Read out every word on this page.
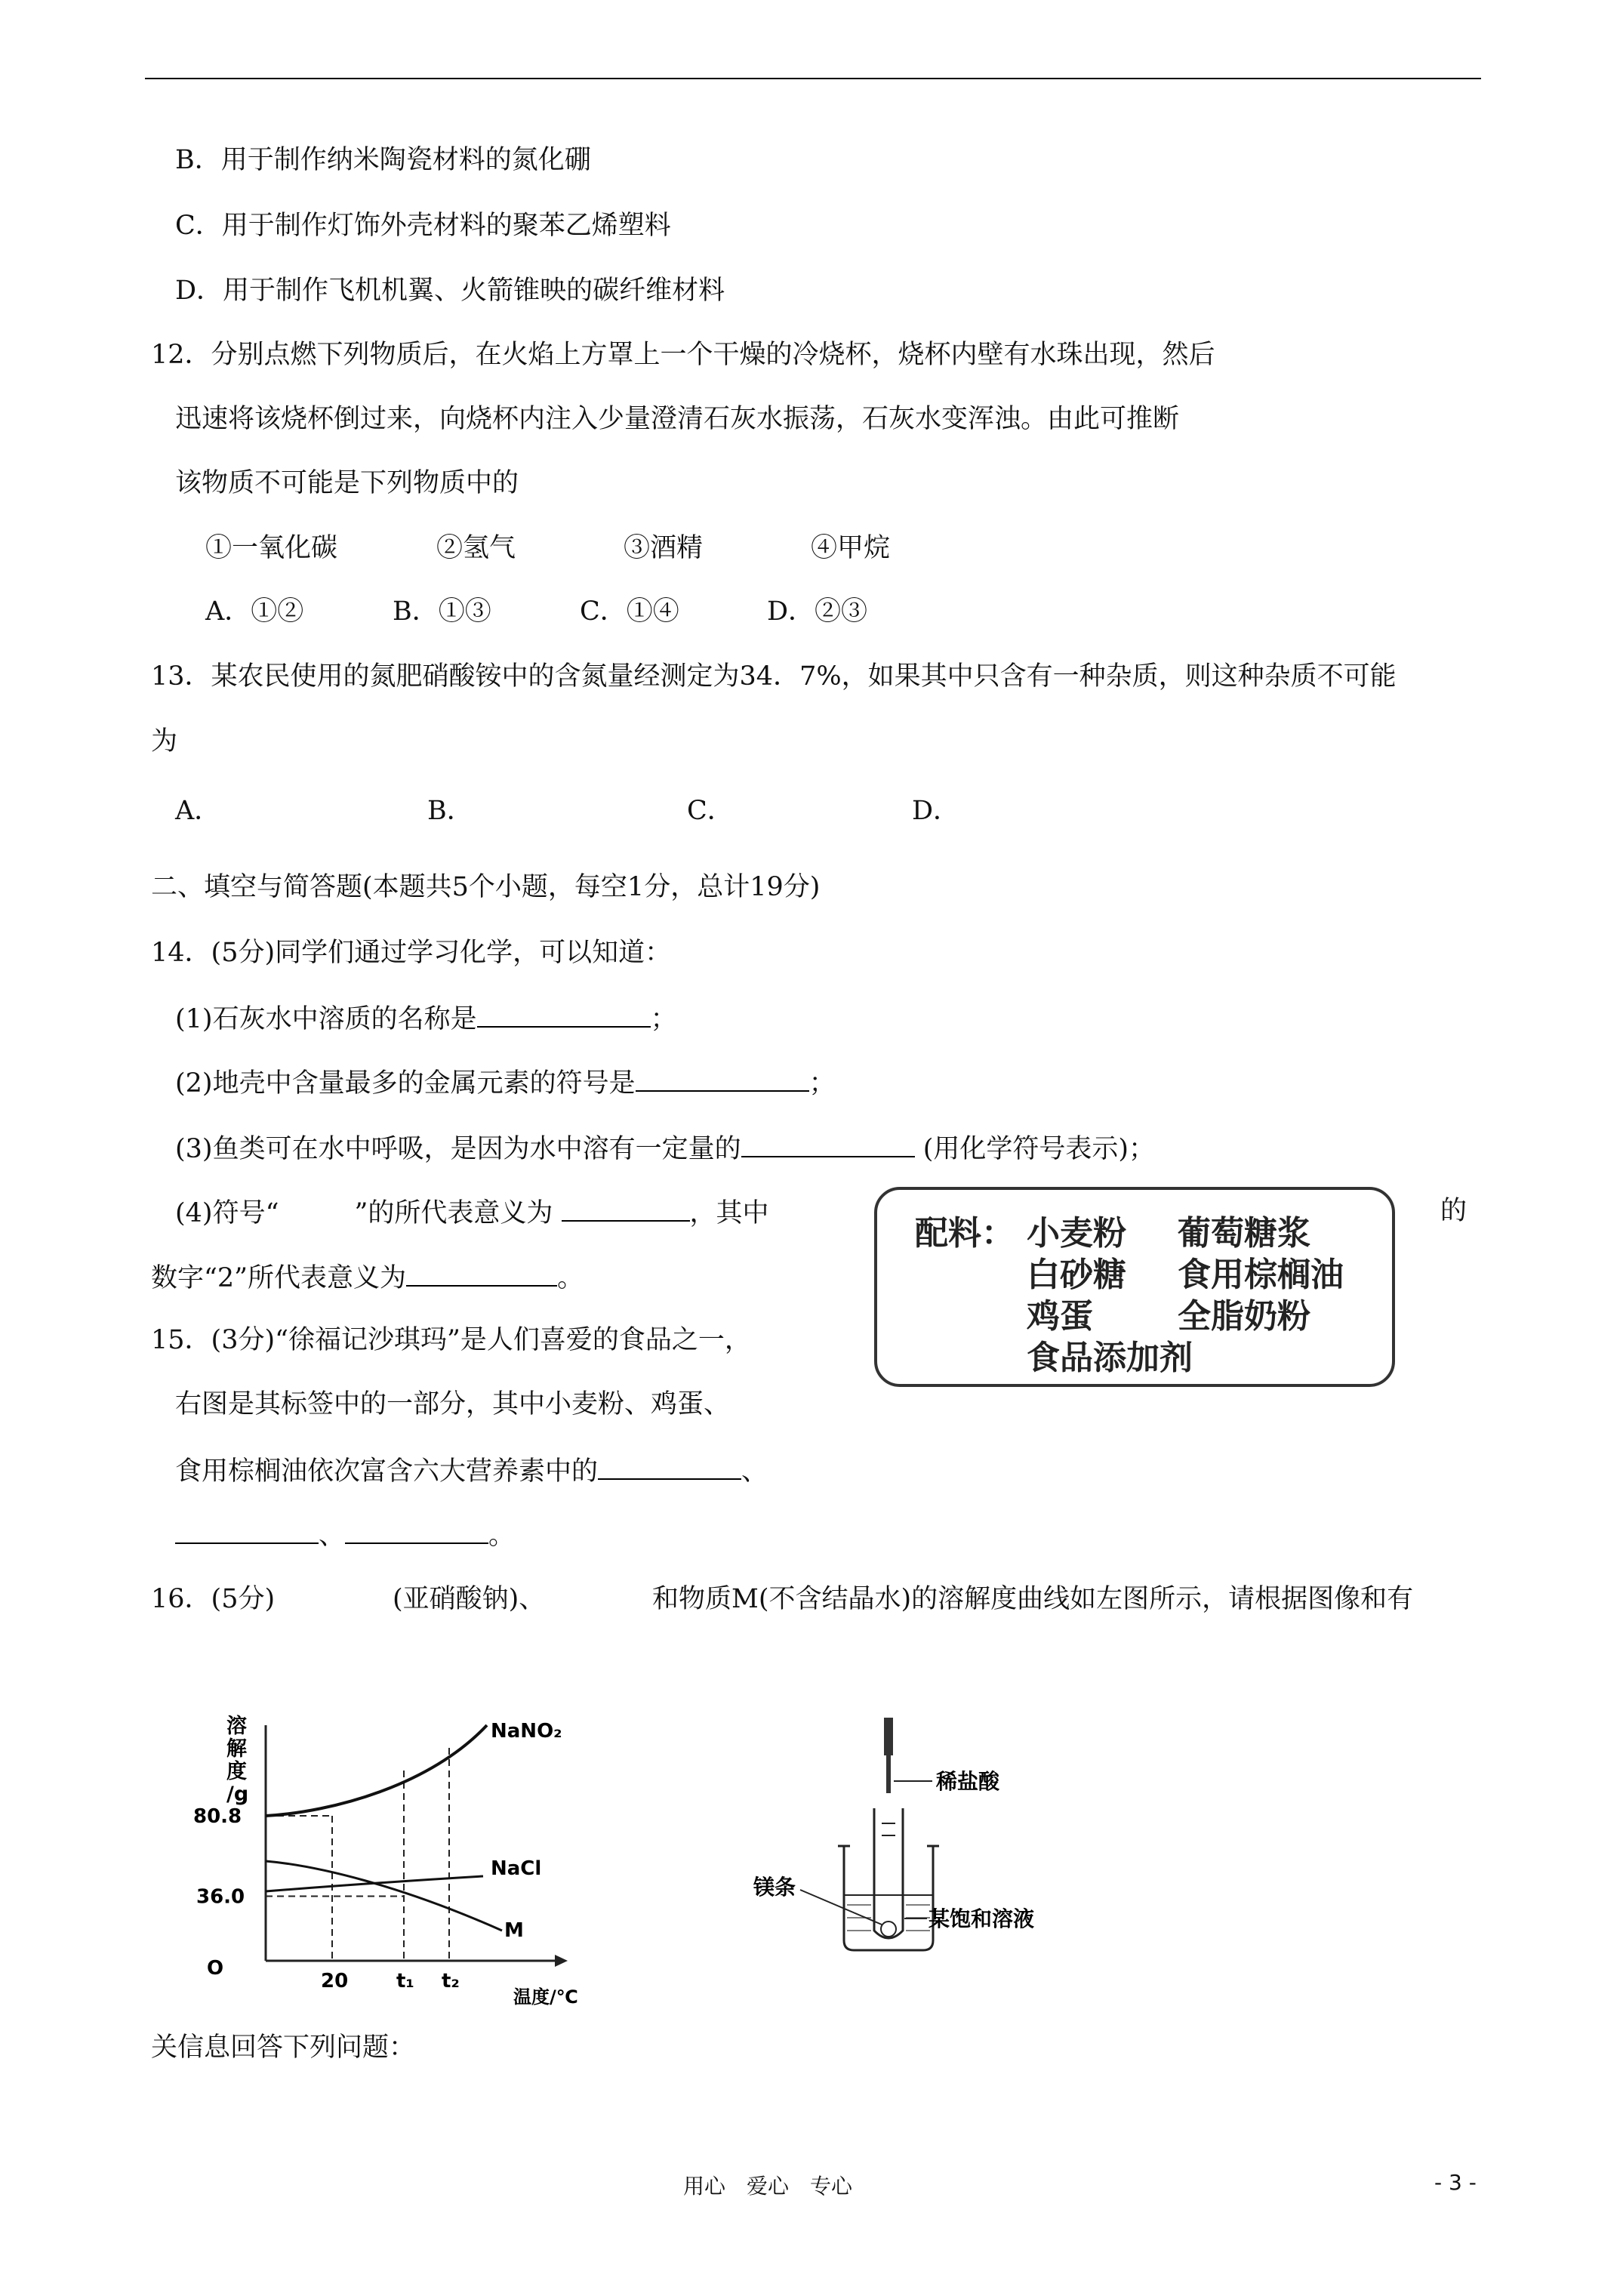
B．用于制作纳米陶瓷材料的氮化硼
C．用于制作灯饰外壳材料的聚苯乙烯塑料
D．用于制作飞机机翼、火箭锥映的碳纤维材料
12．分别点燃下列物质后，在火焰上方罩上一个干燥的冷烧杯，烧杯内壁有水珠出现，然后
迅速将该烧杯倒过来，向烧杯内注入少量澄清石灰水振荡，石灰水变浑浊。由此可推断
该物质不可能是下列物质中的
①一氧化碳	②氢气	③酒精	④甲烷
A．①②	B．①③	C．①④	D．②③
13．某农民使用的氮肥硝酸铵中的含氮量经测定为34．7%，如果其中只含有一种杂质，则这种杂质不可能
为
A．	B．	C．	D．
二、填空与简答题(本题共5个小题，每空1分，总计19分)
14．(5分)同学们通过学习化学，可以知道：
(1)石灰水中溶质的名称是	；
(2)地壳中含量最多的金属元素的符号是	；
(3)鱼类可在水中呼吸，是因为水中溶有一定量的	(用化学符号表示)；
(4)符号“	”的所代表意义为	，其中	的
数字“2”所代表意义为	。
配料： 小麦粉 葡萄糖浆
白砂糖 食用棕榈油
鸡蛋	全脂奶粉
食品添加剂
15．(3分)“徐福记沙琪玛”是人们喜爱的食品之一，
右图是其标签中的一部分，其中小麦粉、鸡蛋、
食用棕榈油依次富含六大营养素中的	、
、	。
16．(5分)	(亚硝酸钠)、	和物质M(不含结晶水)的溶解度曲线如左图所示，请根据图像和有
溶
解
度
/g
NaNO₂
NaCl
M
80.8
36.0
O
20 t₁ t₂
温度/℃
稀盐酸
镁条
某饱和溶液
关信息回答下列问题：
用心　爱心　专心	- 3 -
